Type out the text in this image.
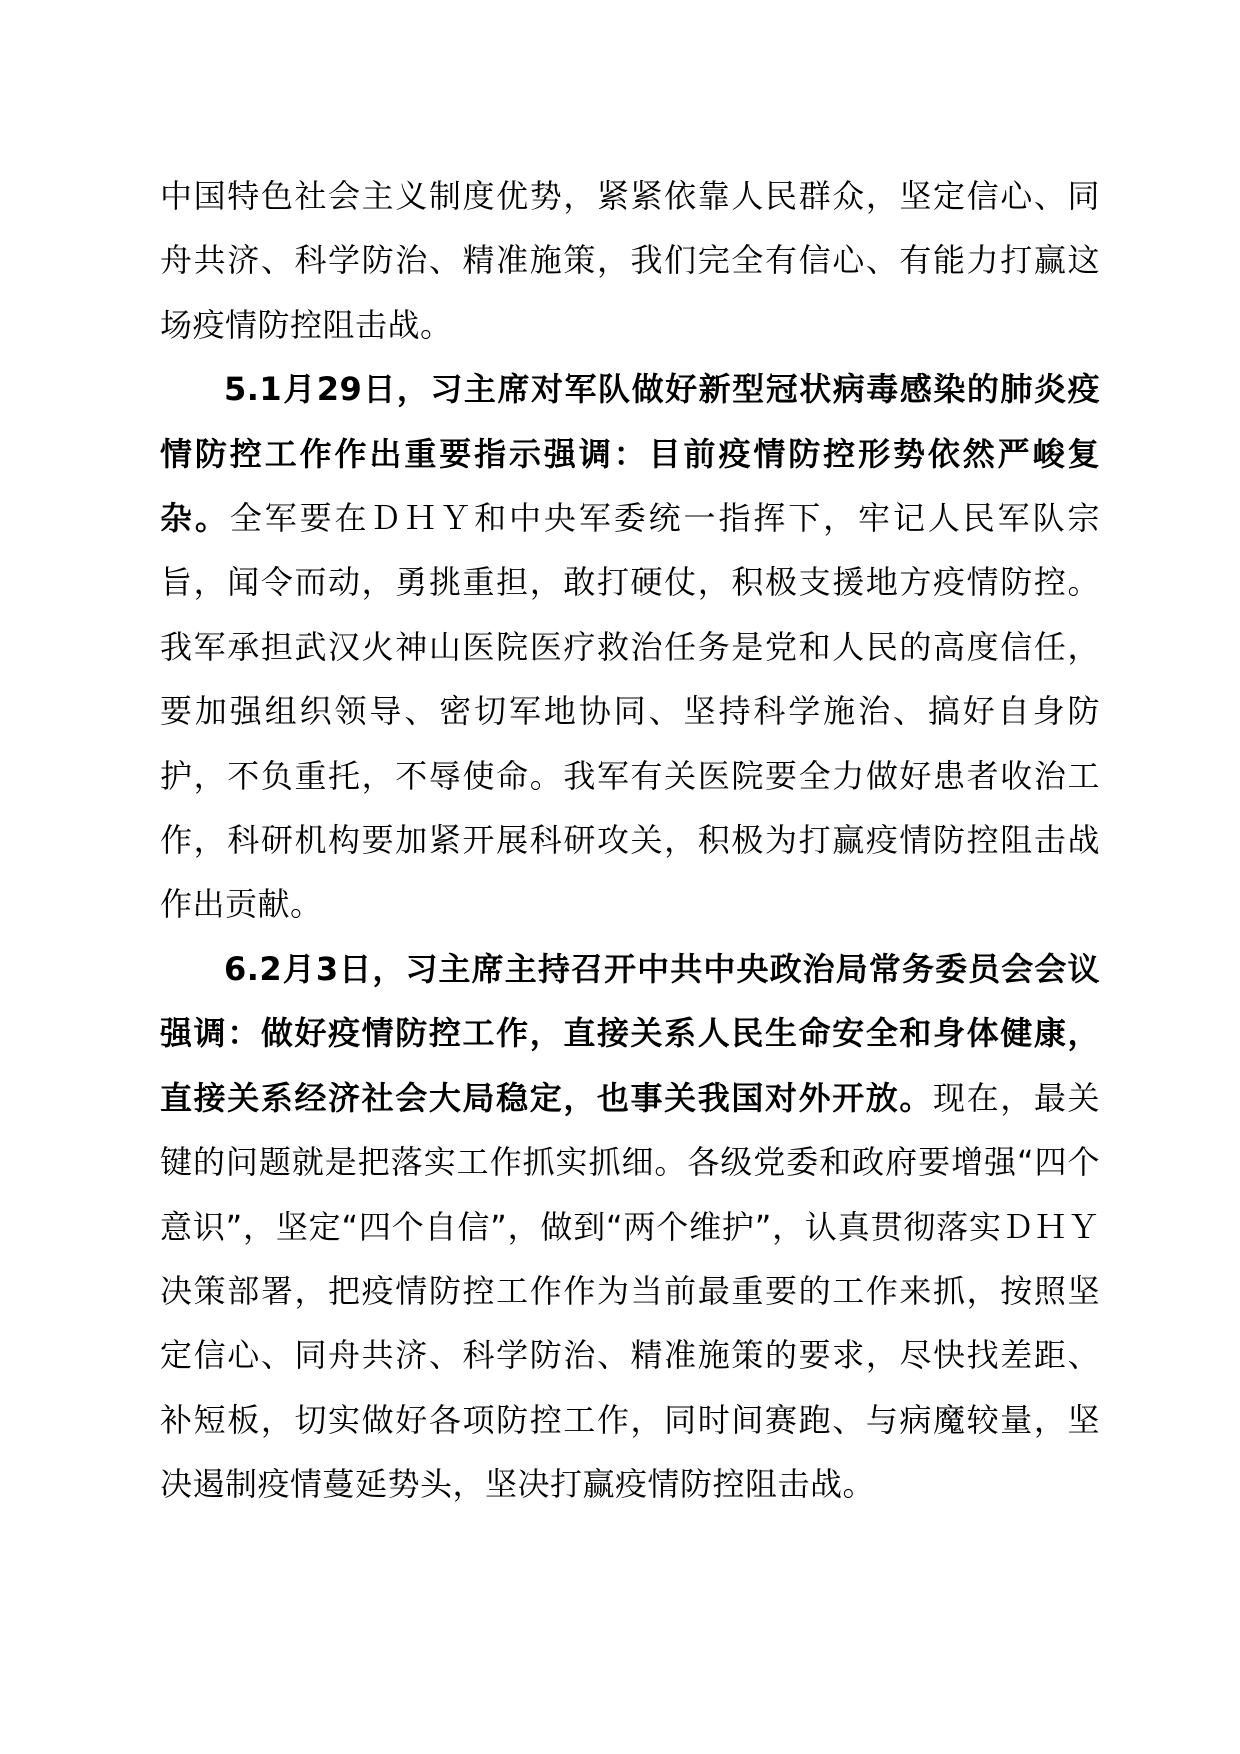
中国特色社会主义制度优势，紧紧依靠人民群众，坚定信心、同舟共济、科学防治、精准施策，我们完全有信心、有能力打赢这场疫情防控阻击战。

5.1月29日，习主席对军队做好新型冠状病毒感染的肺炎疫情防控工作作出重要指示强调：目前疫情防控形势依然严峻复杂。全军要在ＤＨＹ和中央军委统一指挥下，牢记人民军队宗旨，闻令而动，勇挑重担，敢打硬仗，积极支援地方疫情防控。我军承担武汉火神山医院医疗救治任务是党和人民的高度信任，要加强组织领导、密切军地协同、坚持科学施治、搞好自身防护，不负重托，不辱使命。我军有关医院要全力做好患者收治工作，科研机构要加紧开展科研攻关，积极为打赢疫情防控阻击战作出贡献。

6.2月3日，习主席主持召开中共中央政治局常务委员会会议强调：做好疫情防控工作，直接关系人民生命安全和身体健康，直接关系经济社会大局稳定，也事关我国对外开放。现在，最关键的问题就是把落实工作抓实抓细。各级党委和政府要增强“四个意识”，坚定“四个自信”，做到“两个维护”，认真贯彻落实ＤＨＹ决策部署，把疫情防控工作作为当前最重要的工作来抓，按照坚定信心、同舟共济、科学防治、精准施策的要求，尽快找差距、补短板，切实做好各项防控工作，同时间赛跑、与病魔较量，坚决遏制疫情蔓延势头，坚决打赢疫情防控阻击战。
